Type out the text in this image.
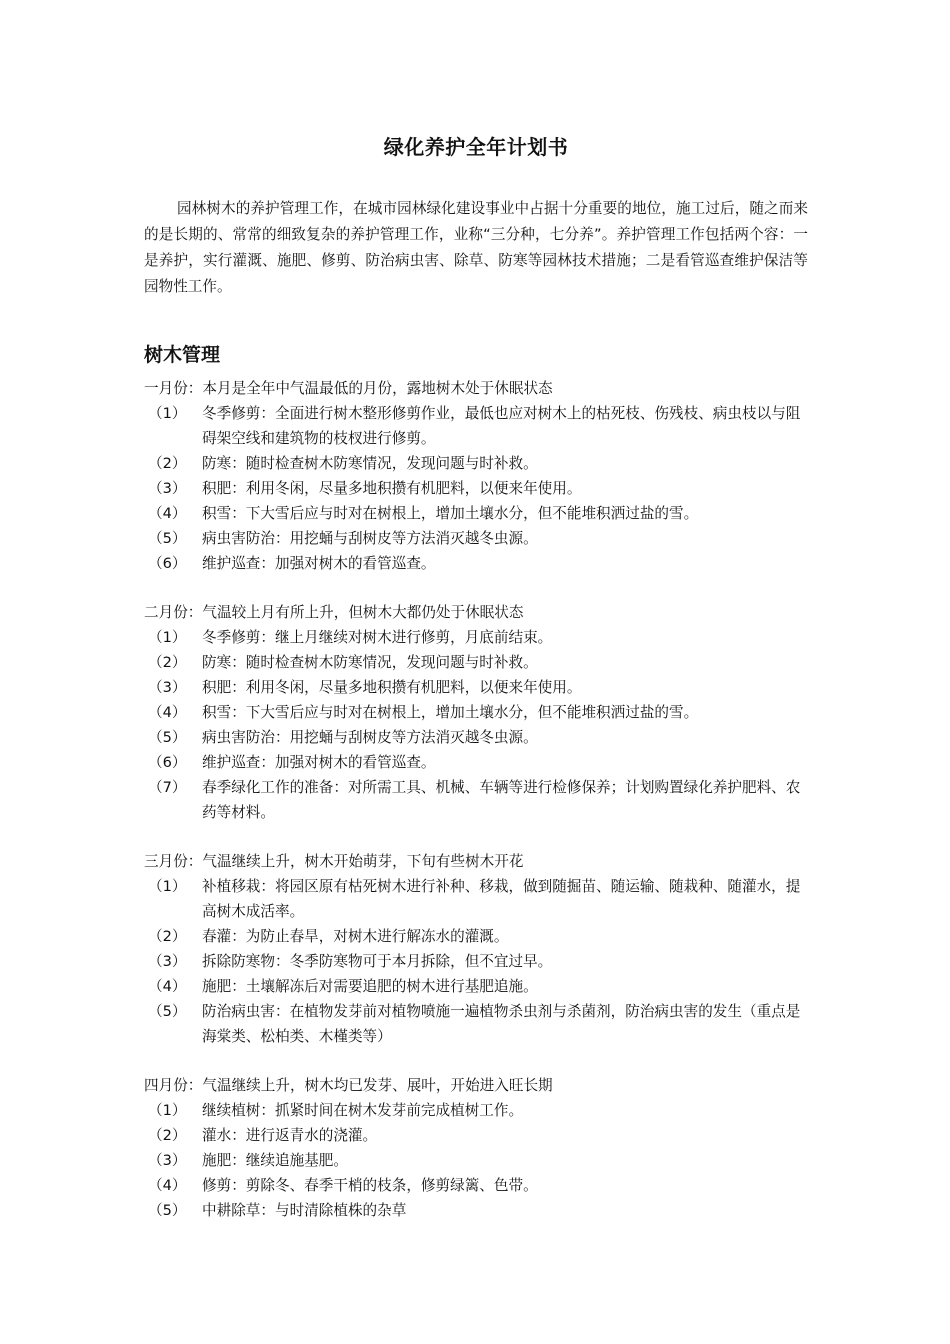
绿化养护全年计划书

园林树木的养护管理工作，在城市园林绿化建设事业中占据十分重要的地位，施工过后，随之而来的是长期的、常常的细致复杂的养护管理工作，业称“三分种，七分养”。养护管理工作包括两个容：一是养护，实行灌溉、施肥、修剪、防治病虫害、除草、防寒等园林技术措施；二是看管巡查维护保洁等园物性工作。

树木管理
一月份：本月是全年中气温最低的月份，露地树木处于休眠状态
（1）	冬季修剪：全面进行树木整形修剪作业，最低也应对树木上的枯死枝、伤残枝、病虫枝以与阻碍架空线和建筑物的枝杈进行修剪。
（2）	防寒：随时检查树木防寒情况，发现问题与时补救。
（3）	积肥：利用冬闲，尽量多地积攒有机肥料，以便来年使用。
（4）	积雪：下大雪后应与时对在树根上，增加土壤水分，但不能堆积洒过盐的雪。
（5）	病虫害防治：用挖蛹与刮树皮等方法消灭越冬虫源。
（6）	维护巡查：加强对树木的看管巡查。
二月份：气温较上月有所上升，但树木大都仍处于休眠状态
（1）	冬季修剪：继上月继续对树木进行修剪，月底前结束。
（2）	防寒：随时检查树木防寒情况，发现问题与时补救。
（3）	积肥：利用冬闲，尽量多地积攒有机肥料，以便来年使用。
（4）	积雪：下大雪后应与时对在树根上，增加土壤水分，但不能堆积洒过盐的雪。
（5）	病虫害防治：用挖蛹与刮树皮等方法消灭越冬虫源。
（6）	维护巡查：加强对树木的看管巡查。
（7）	春季绿化工作的准备：对所需工具、机械、车辆等进行检修保养；计划购置绿化养护肥料、农药等材料。
三月份：气温继续上升，树木开始萌芽，下旬有些树木开花
（1）	补植移栽：将园区原有枯死树木进行补种、移栽，做到随掘苗、随运输、随栽种、随灌水，提高树木成活率。
（2）	春灌：为防止春旱，对树木进行解冻水的灌溉。
（3）	拆除防寒物：冬季防寒物可于本月拆除，但不宜过早。
（4）	施肥：土壤解冻后对需要追肥的树木进行基肥追施。
（5）	防治病虫害：在植物发芽前对植物喷施一遍植物杀虫剂与杀菌剂，防治病虫害的发生（重点是海棠类、松柏类、木槿类等）
四月份：气温继续上升，树木均已发芽、展叶，开始进入旺长期
（1）	继续植树：抓紧时间在树木发芽前完成植树工作。
（2）	灌水：进行返青水的浇灌。
（3）	施肥：继续追施基肥。
（4）	修剪：剪除冬、春季干梢的枝条，修剪绿篱、色带。
（5）	中耕除草：与时清除植株的杂草
